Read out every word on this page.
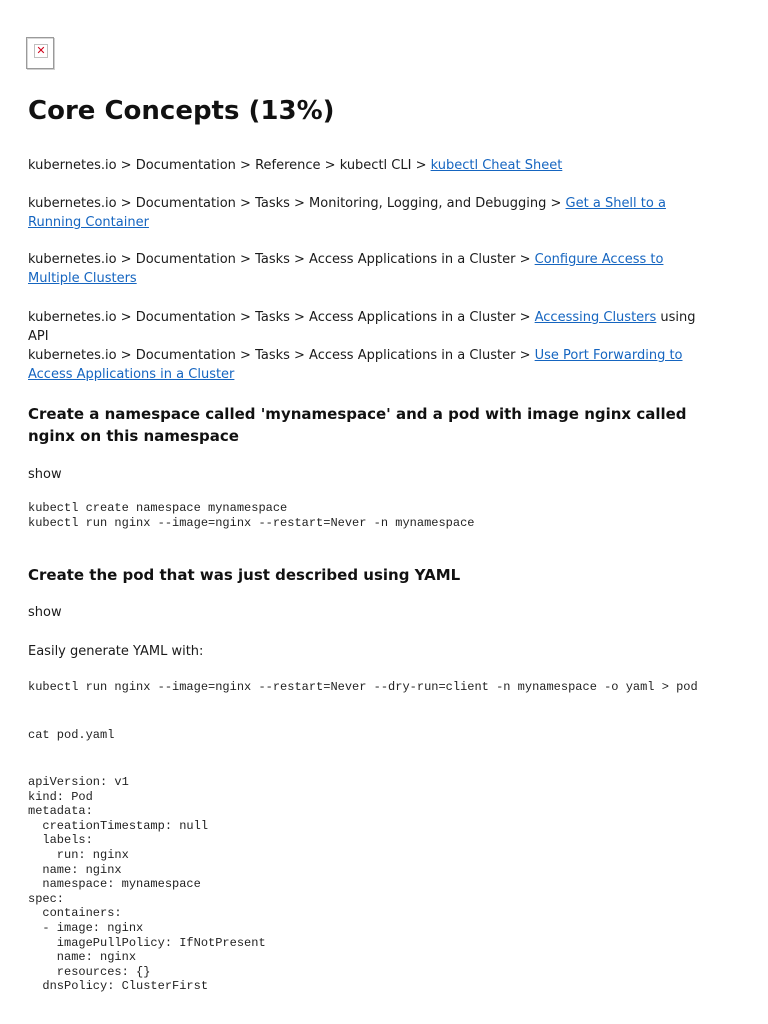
✕
Core Concepts (13%)

kubernetes.io > Documentation > Reference > kubectl CLI > kubectl Cheat Sheet

kubernetes.io > Documentation > Tasks > Monitoring, Logging, and Debugging > Get a Shell to a Running Container

kubernetes.io > Documentation > Tasks > Access Applications in a Cluster > Configure Access to Multiple Clusters

kubernetes.io > Documentation > Tasks > Access Applications in a Cluster > Accessing Clusters using API

kubernetes.io > Documentation > Tasks > Access Applications in a Cluster > Use Port Forwarding to Access Applications in a Cluster

Create a namespace called 'mynamespace' and a pod with image nginx called nginx on this namespace

show

kubectl create namespace mynamespace
kubectl run nginx --image=nginx --restart=Never -n mynamespace
Create the pod that was just described using YAML

show

Easily generate YAML with:

kubectl run nginx --image=nginx --restart=Never --dry-run=client -n mynamespace -o yaml > pod
cat pod.yaml
apiVersion: v1
kind: Pod
metadata:
creationTimestamp: null
labels:
run: nginx
name: nginx
namespace: mynamespace
spec:
containers:
- image: nginx
imagePullPolicy: IfNotPresent
name: nginx
resources: {}
dnsPolicy: ClusterFirst
